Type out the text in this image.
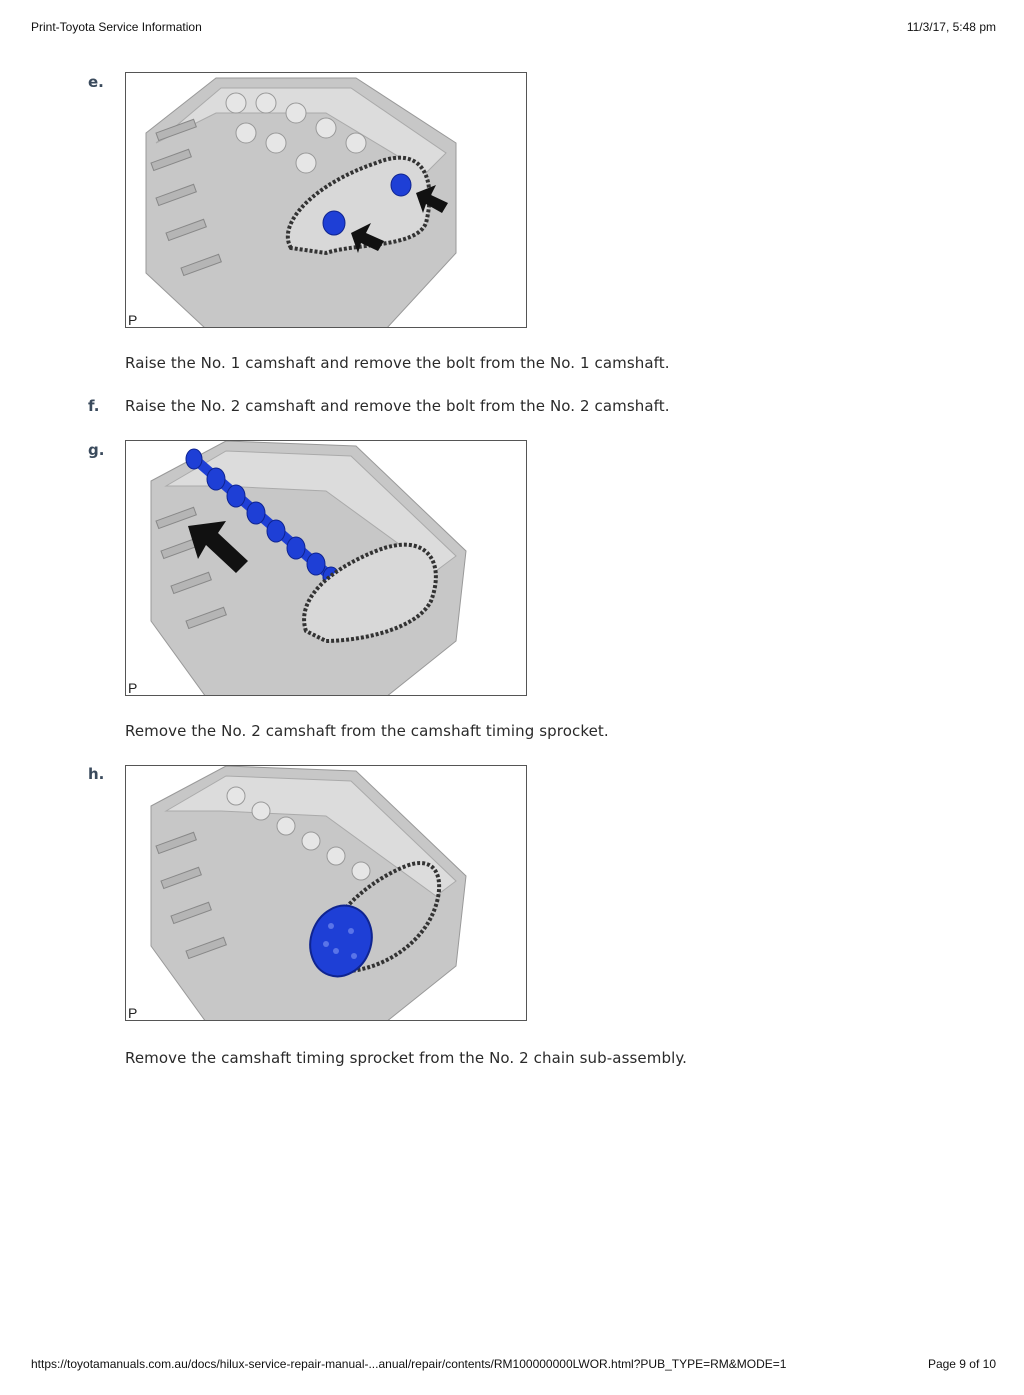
Print-Toyota Service Information	11/3/17, 5:48 pm
e.
P
Raise the No. 1 camshaft and remove the bolt from the No. 1 camshaft.
f.	Raise the No. 2 camshaft and remove the bolt from the No. 2 camshaft.
g.
P
Remove the No. 2 camshaft from the camshaft timing sprocket.
h.
P
Remove the camshaft timing sprocket from the No. 2 chain sub-assembly.
https://toyotamanuals.com.au/docs/hilux-service-repair-manual-...anual/repair/contents/RM100000000LWOR.html?PUB_TYPE=RM&MODE=1	Page 9 of 10
